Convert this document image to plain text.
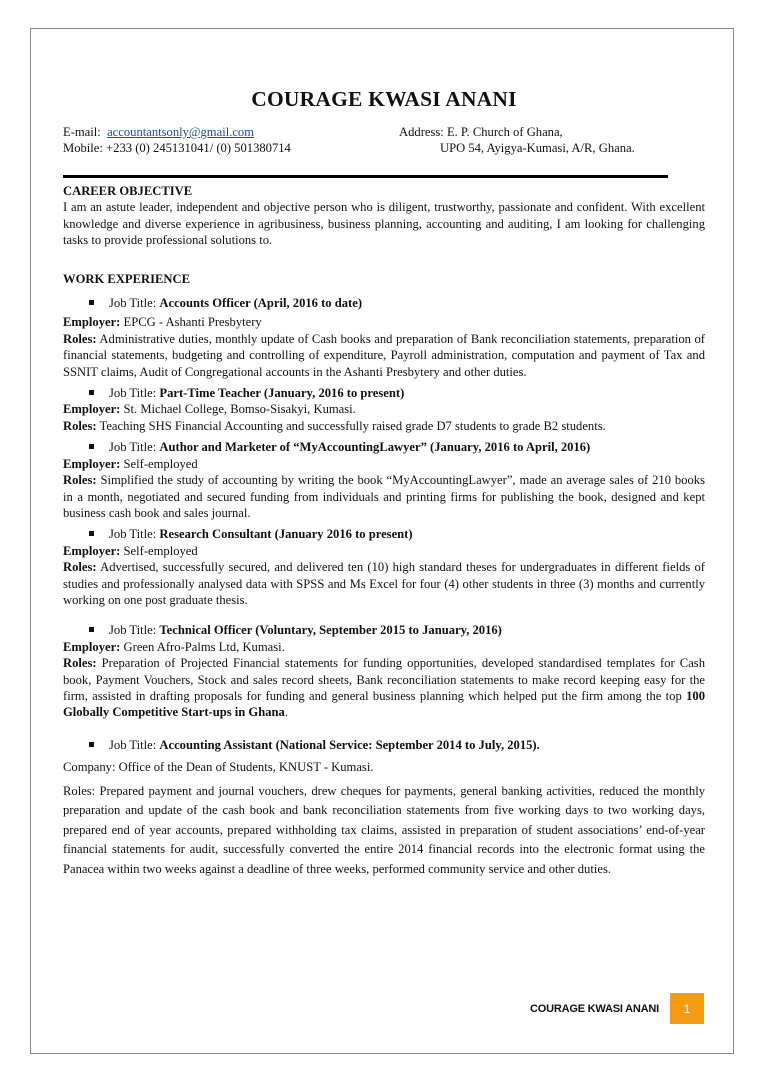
COURAGE KWASI ANANI
E-mail: accountantsonly@gmail.com	Address: E. P. Church of Ghana,
Mobile: +233 (0) 245131041/ (0) 501380714	UPO 54, Ayigya-Kumasi, A/R, Ghana.
CAREER OBJECTIVE

I am an astute leader, independent and objective person who is diligent, trustworthy, passionate and confident. With excellent knowledge and diverse experience in agribusiness, business planning, accounting and auditing, I am looking for challenging tasks to provide professional solutions to.

WORK EXPERIENCE
Job Title: Accounts Officer (April, 2016 to date)

Employer: EPCG - Ashanti Presbytery

Roles: Administrative duties, monthly update of Cash books and preparation of Bank reconciliation statements, preparation of financial statements, budgeting and controlling of expenditure, Payroll administration, computation and payment of Tax and SSNIT claims, Audit of Congregational accounts in the Ashanti Presbytery and other duties.

Job Title: Part-Time Teacher (January, 2016 to present)

Employer: St. Michael College, Bomso-Sisakyi, Kumasi.

Roles: Teaching SHS Financial Accounting and successfully raised grade D7 students to grade B2 students.

Job Title: Author and Marketer of “MyAccountingLawyer” (January, 2016 to April, 2016)

Employer: Self-employed

Roles: Simplified the study of accounting by writing the book “MyAccountingLawyer”, made an average sales of 210 books in a month, negotiated and secured funding from individuals and printing firms for publishing the book, designed and kept business cash book and sales journal.

Job Title: Research Consultant (January 2016 to present)

Employer: Self-employed

Roles: Advertised, successfully secured, and delivered ten (10) high standard theses for undergraduates in different fields of studies and professionally analysed data with SPSS and Ms Excel for four (4) other students in three (3) months and currently working on one post graduate thesis.

Job Title: Technical Officer (Voluntary, September 2015 to January, 2016)

Employer: Green Afro-Palms Ltd, Kumasi.

Roles: Preparation of Projected Financial statements for funding opportunities, developed standardised templates for Cash book, Payment Vouchers, Stock and sales record sheets, Bank reconciliation statements to make record keeping easy for the firm, assisted in drafting proposals for funding and general business planning which helped put the firm among the top 100 Globally Competitive Start-ups in Ghana.

Job Title: Accounting Assistant (National Service: September 2014 to July, 2015).

Company: Office of the Dean of Students, KNUST - Kumasi.

Roles: Prepared payment and journal vouchers, drew cheques for payments, general banking activities, reduced the monthly preparation and update of the cash book and bank reconciliation statements from five working days to two working days, prepared end of year accounts, prepared withholding tax claims, assisted in preparation of student associations’ end-of-year financial statements for audit, successfully converted the entire 2014 financial records into the electronic format using the Panacea within two weeks against a deadline of three weeks, performed community service and other duties.

COURAGE KWASI ANANI	1
